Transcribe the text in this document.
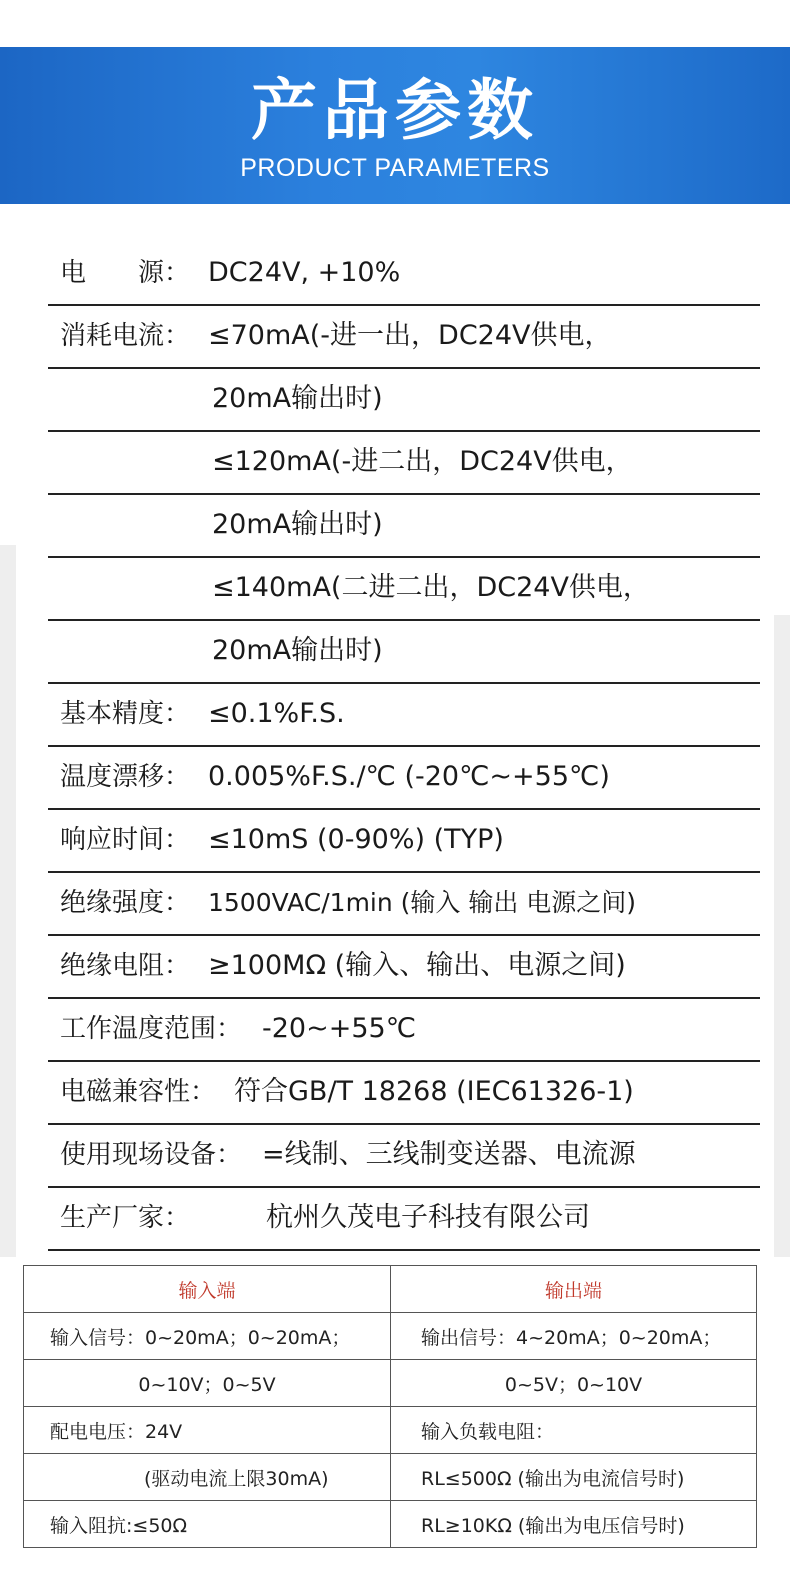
产品参数
PRODUCT PARAMETERS
电 源： DC24V, +10%
消耗电流： ≤70mA(-进一出，DC24V供电，
20mA输出时)
≤120mA(-进二出，DC24V供电，
20mA输出时)
≤140mA(二进二出，DC24V供电，
20mA输出时)
基本精度： ≤0.1%F.S.
温度漂移： 0.005%F.S./℃ (-20℃~+55℃)
响应时间： ≤10mS (0-90%) (TYP)
绝缘强度： 1500VAC/1min (输入 输出 电源之间)
绝缘电阻： ≥100MΩ (输入、输出、电源之间)
工作温度范围： -20~+55℃
电磁兼容性： 符合GB/T 18268 (IEC61326-1)
使用现场设备： =线制、三线制变送器、电流源
生产厂家：	杭州久茂电子科技有限公司
输入端	输出端
输入信号：0~20mA；0~20mA；	输出信号：4~20mA；0~20mA；
0~10V；0~5V	0~5V；0~10V
配电电压：24V	输入负载电阻：
(驱动电流上限30mA)	RL≤500Ω (输出为电流信号时)
输入阻抗:≤50Ω	RL≥10KΩ (输出为电压信号时)
